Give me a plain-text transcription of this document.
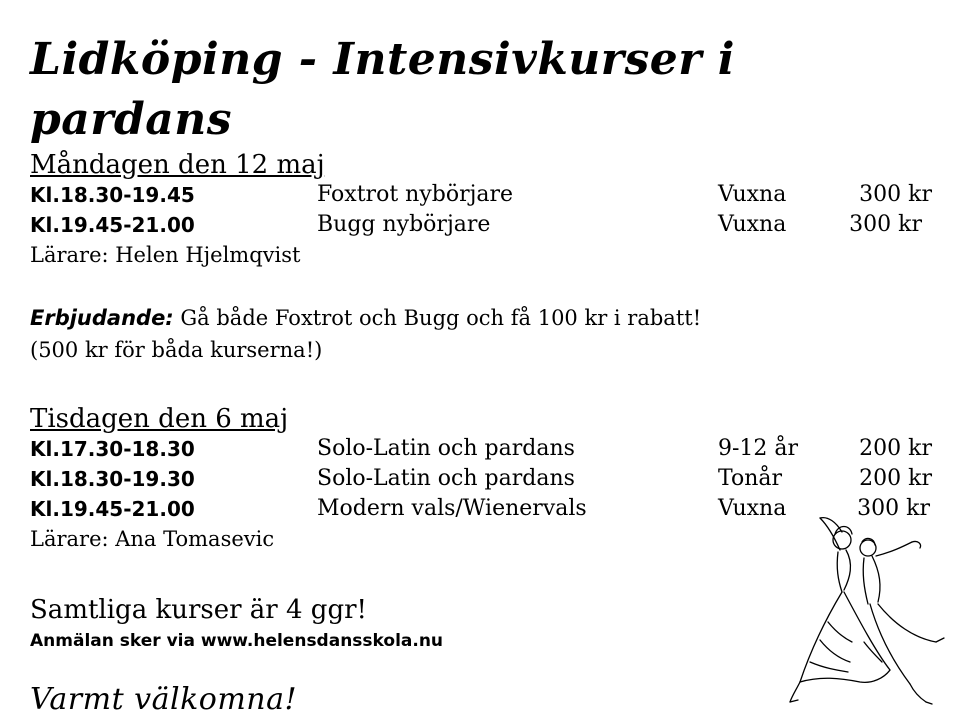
Lidköping - Intensivkurser i pardans

Måndagen den 12 maj

Kl.18.30-19.45	Foxtrot nybörjare	Vuxna	300 kr
Kl.19.45-21.00	Bugg nybörjare	Vuxna	300 kr

Lärare: Helen Hjelmqvist

Erbjudande: Gå både Foxtrot och Bugg och få 100 kr i rabatt!

(500 kr för båda kurserna!)

Tisdagen den 6 maj

Kl.17.30-18.30	Solo-Latin och pardans	9-12 år	200 kr
Kl.18.30-19.30	Solo-Latin och pardans	Tonår	200 kr
Kl.19.45-21.00	Modern vals/Wienervals	Vuxna	300 kr

Lärare: Ana Tomasevic

Samtliga kurser är 4 ggr!

Anmälan sker via www.helensdansskola.nu

Varmt välkomna!
